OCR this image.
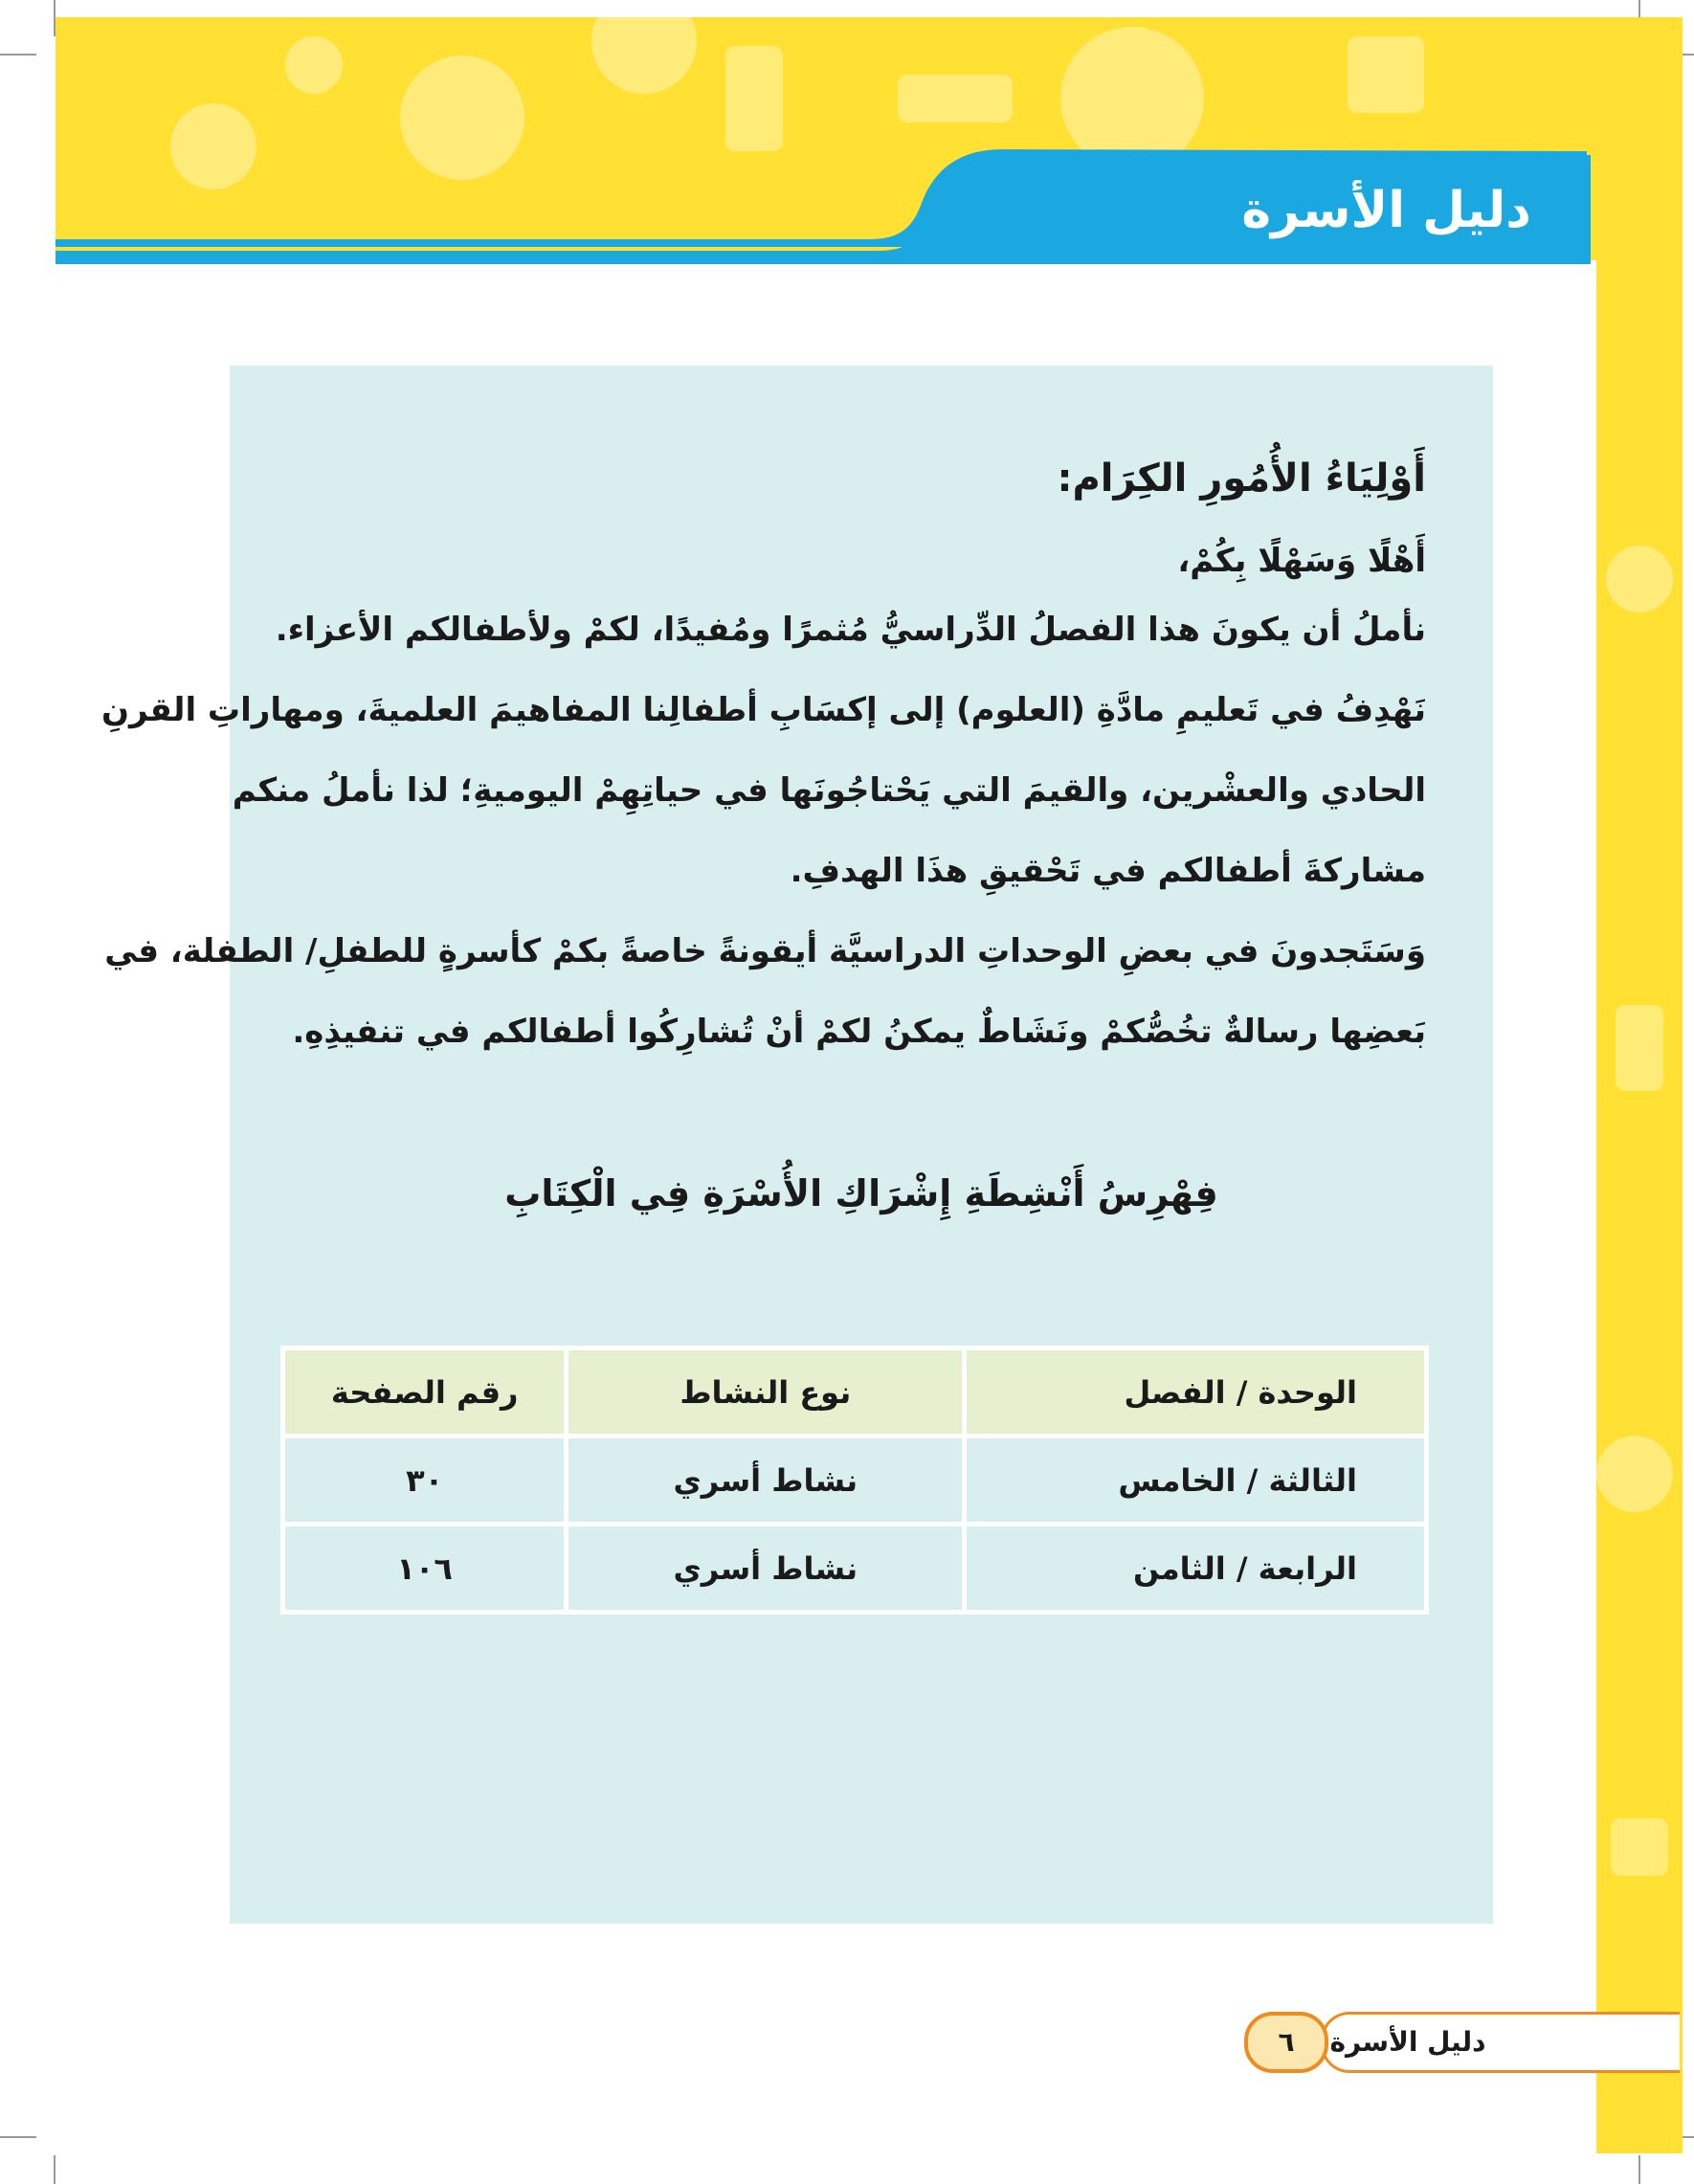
دليل الأسرة
أَوْلِيَاءُ الأُمُورِ الكِرَام:
أَهْلًا وَسَهْلًا بِكُمْ،
نأملُ أن يكونَ هذا الفصلُ الدِّراسيُّ مُثمرًا ومُفيدًا، لكمْ ولأطفالكم الأعزاء.
نَهْدِفُ في تَعليمِ مادَّةِ (العلوم) إلى إكسَابِ أطفالِنا المفاهيمَ العلميةَ، ومهاراتِ القرنِ
الحادي والعشْرين، والقيمَ التي يَحْتاجُونَها في حياتِهِمْ اليوميةِ؛ لذا نأملُ منكم
مشاركةَ أطفالكم في تَحْقيقِ هذَا الهدفِ.
وَسَتَجدونَ في بعضِ الوحداتِ الدراسيَّة أيقونةً خاصةً بكمْ كأسرةٍ للطفلِ/ الطفلة، في
بَعضِها رسالةٌ تخُصُّكمْ ونَشَاطٌ يمكنُ لكمْ أنْ تُشارِكُوا أطفالكم في تنفيذِهِ.
فِهْرِسُ أَنْشِطَةِ إِشْرَاكِ الأُسْرَةِ فِي الْكِتَابِ
الوحدة / الفصل	نوع النشاط	رقم الصفحة
الثالثة / الخامس	نشاط أسري	٣٠
الرابعة / الثامن	نشاط أسري	١٠٦
دليل الأسرة
٦
